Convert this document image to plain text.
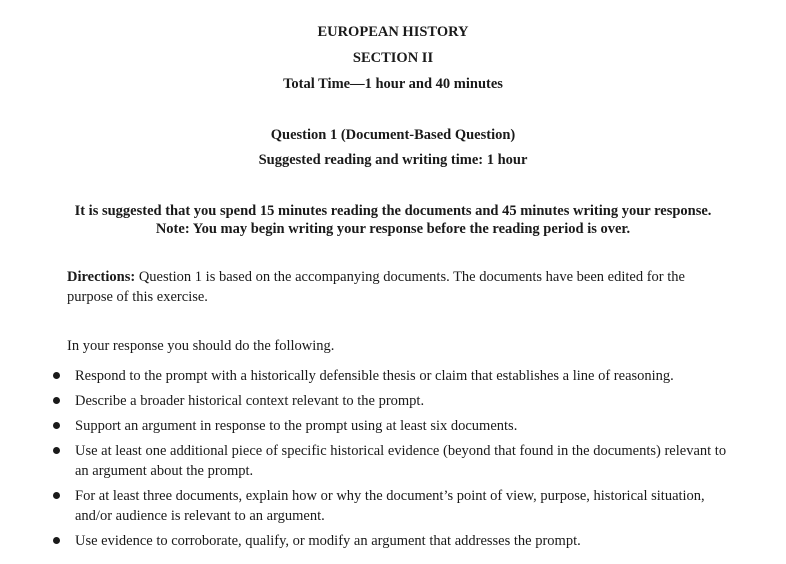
EUROPEAN HISTORY
SECTION II
Total Time—1 hour and 40 minutes
Question 1 (Document-Based Question)
Suggested reading and writing time: 1 hour
It is suggested that you spend 15 minutes reading the documents and 45 minutes writing your response.
Note: You may begin writing your response before the reading period is over.
Directions: Question 1 is based on the accompanying documents. The documents have been edited for the purpose of this exercise.
In your response you should do the following.
Respond to the prompt with a historically defensible thesis or claim that establishes a line of reasoning.
Describe a broader historical context relevant to the prompt.
Support an argument in response to the prompt using at least six documents.
Use at least one additional piece of specific historical evidence (beyond that found in the documents) relevant to an argument about the prompt.
For at least three documents, explain how or why the document’s point of view, purpose, historical situation, and/or audience is relevant to an argument.
Use evidence to corroborate, qualify, or modify an argument that addresses the prompt.
